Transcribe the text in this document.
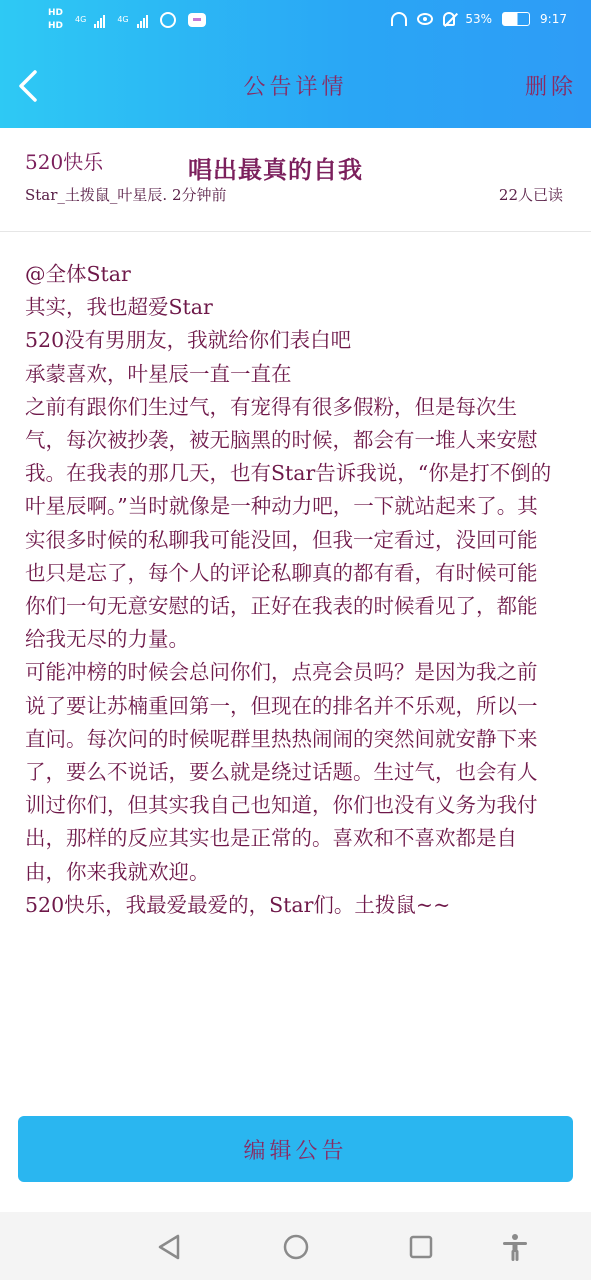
HD
HD
4G	4G	53%	9:17
公告详情	删除
520快乐	唱出最真的自我
Star_土拨鼠_叶星辰. 2分钟前	22人已读
@全体Star
其实，我也超爱Star
520没有男朋友，我就给你们表白吧
承蒙喜欢，叶星辰一直一直在
之前有跟你们生过气，有宠得有很多假粉，但是每次生气，每次被抄袭，被无脑黑的时候，都会有一堆人来安慰我。在我表的那几天，也有Star告诉我说，“你是打不倒的叶星辰啊。”当时就像是一种动力吧，一下就站起来了。其实很多时候的私聊我可能没回，但我一定看过，没回可能也只是忘了，每个人的评论私聊真的都有看，有时候可能你们一句无意安慰的话，正好在我表的时候看见了，都能给我无尽的力量。
可能冲榜的时候会总问你们，点亮会员吗？是因为我之前说了要让苏楠重回第一，但现在的排名并不乐观，所以一直问。每次问的时候呢群里热热闹闹的突然间就安静下来了，要么不说话，要么就是绕过话题。生过气，也会有人训过你们，但其实我自己也知道，你们也没有义务为我付出，那样的反应其实也是正常的。喜欢和不喜欢都是自由，你来我就欢迎。
520快乐，我最爱最爱的，Star们。土拨鼠~~
编辑公告
